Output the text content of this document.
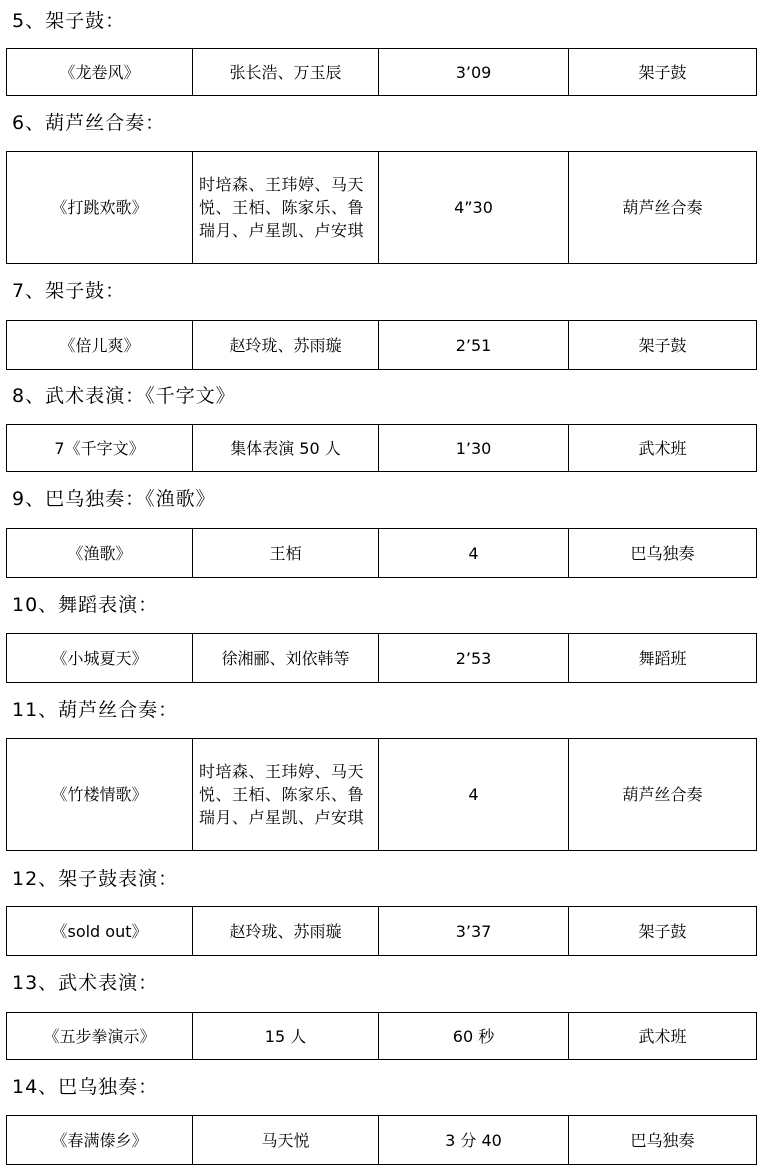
5、架子鼓：
《龙卷风》	张长浩、万玉辰	3’09	架子鼓
6、葫芦丝合奏：
《打跳欢歌》	时培森、王玮婷、马天悦、王栢、陈家乐、鲁瑞月、卢星凯、卢安琪	4”30	葫芦丝合奏
7、架子鼓：
《倍儿爽》	赵玲珑、苏雨璇	2’51	架子鼓
8、武术表演：《千字文》
7《千字文》	集体表演 50 人	1’30	武术班
9、巴乌独奏：《渔歌》
《渔歌》	王栢	4	巴乌独奏
10、舞蹈表演：
《小城夏天》	徐湘郦、刘依韩等	2’53	舞蹈班
11、葫芦丝合奏：
《竹楼情歌》	时培森、王玮婷、马天悦、王栢、陈家乐、鲁瑞月、卢星凯、卢安琪	4	葫芦丝合奏
12、架子鼓表演：
《sold out》	赵玲珑、苏雨璇	3’37	架子鼓
13、武术表演：
《五步拳演示》	15 人	60 秒	武术班
14、巴乌独奏：
《春满傣乡》	马天悦	3 分 40	巴乌独奏
